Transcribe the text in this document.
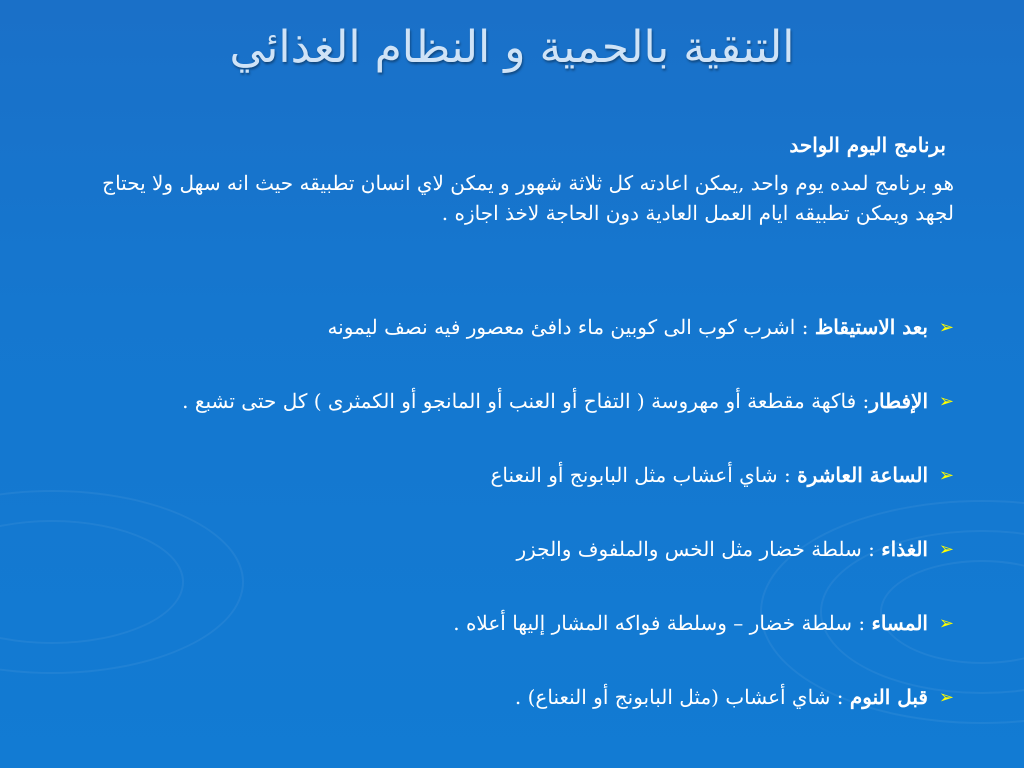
التنقية بالحمية و النظام الغذائي
برنامج اليوم الواحد
هو برنامج لمده يوم واحد ,يمكن اعادته كل ثلاثة شهور و يمكن لاي انسان تطبيقه حيث انه سهل ولا يحتاج لجهد ويمكن تطبيقه ايام العمل العادية دون الحاجة لاخذ اجازه .
➢
بعد الاستيقاظ : اشرب كوب الى كوبين ماء دافئ معصور فيه نصف ليمونه
➢
الإفطار: فاكهة مقطعة أو مهروسة ( التفاح أو العنب أو المانجو أو الكمثرى ) كل حتى تشبع .
➢
الساعة العاشرة : شاي أعشاب مثل البابونج أو النعناع
➢
الغذاء : سلطة خضار مثل الخس والملفوف والجزر
➢
المساء : سلطة خضار – وسلطة فواكه المشار إليها أعلاه .
➢
قبل النوم : شاي أعشاب (مثل البابونج أو النعناع) .
